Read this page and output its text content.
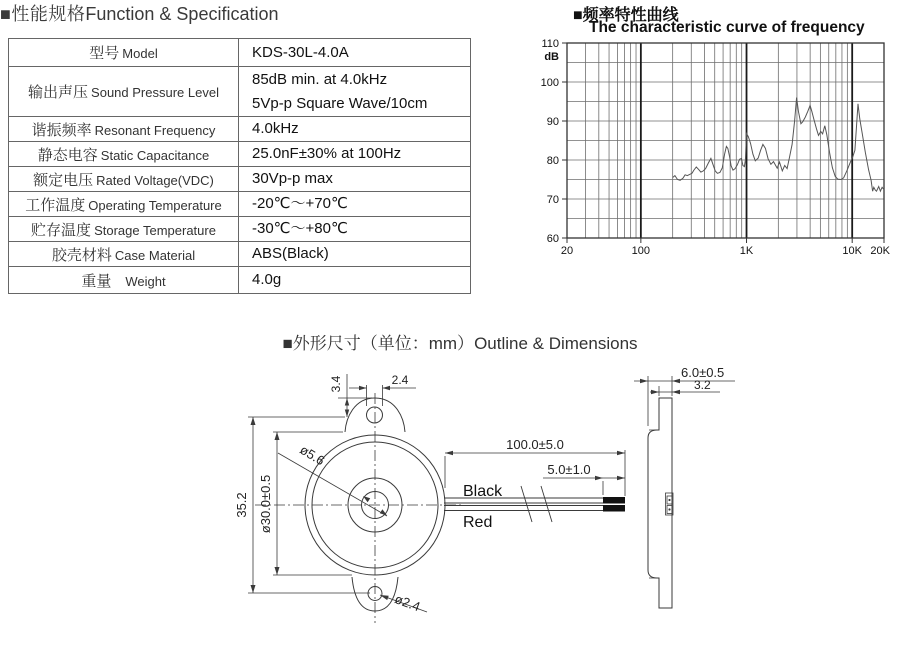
■性能规格Function & Specification
型号 Model	KDS-30L-4.0A

输出声压 Sound Pressure Level	85dB min. at 4.0kHz
5Vp-p Square Wave/10cm

谐振频率 Resonant Frequency	4.0kHz

静态电容 Static Capacitance	25.0nF±30% at 100Hz

额定电压 Rated Voltage(VDC)	30Vp-p max

工作温度 Operating Temperature	-20℃～+70℃

贮存温度 Storage Temperature	-30℃～+80℃

胶壳材料 Case Material	ABS(Black)

重量 Weight	4.0g
■频率特性曲线
The characteristic curve of frequency
110
100
90
80
70
60
dB
20	100	1K	10K 20K
■外形尺寸（单位：mm）Outline & Dimensions
35.2 ø30.0±0.5
3.4	2.4
ø5.6
ø2.4
Black
Red
100.0±5.0
5.0±1.0
6.0±0.5
3.2
